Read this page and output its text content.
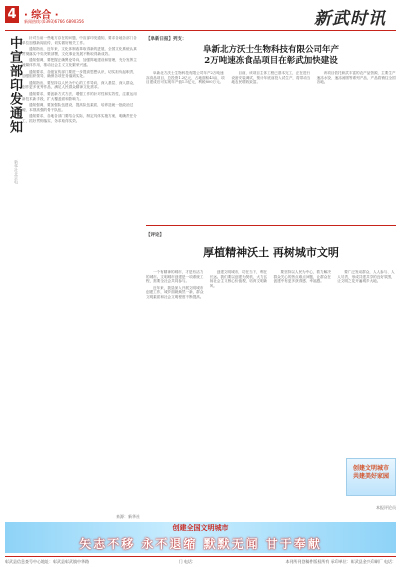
4 · 综合 ·
新闻热线:(0393)6766 6890356	新武时讯
中宣部印发通知
新华社北京电

针对当前一些地方存在的问题，中宣部印发通知，要求各地各部门各单位加强新闻宣传，切实做好相关工作。

通知指出，近年来，文化体制改革取得新的进展，全国文化系统认真贯彻落实中央决策部署，文化事业发展不断取得新成效。

通知强调，要把握正确舆论导向，加强阵地建设和管理，充分发挥主流媒体作用，推动社会主义文化繁荣兴盛。

通知要求，各级宣传部门要进一步提高思想认识，切实担负起职责，加强组织领导，确保各项任务落到实处。

通知指出，要坚持以人民为中心的工作导向，深入基层、深入群众，创作更多优秀作品，满足人民群众精神文化需求。

通知要求，要创新方式方法，增强工作的针对性和实效性，注重运用新技术新手段，扩大覆盖面和影响力。

通知强调，要加强队伍建设，提高队伍素质，培养造就一批政治过硬、本领高强的骨干队伍。

通知要求，各地各部门要结合实际，制定具体实施方案，明确责任分工，抓好贯彻落实，务求取得实效。

来源：新华社
【阜新日报】列支：
阜新北方沃士生物科技有限公司年产
2万吨速冻食品项目在彰武加快建设

阜新北方沃士生物科技有限公司年产2万吨速冻食品项目，总投资1.2亿元，占地面积43亩，项目建成后可实现年产值1.5亿元，利税800万元。

目前，该项目主体工程已基本完工，正在进行设备安装调试，预计年底前投入试生产，将带动当地农民增收致富。

该项目依托彰武丰富的农产品资源，主要生产速冻水饺、速冻汤圆等系列产品，产品将销往全国各地。

【评论】
厚植精神沃土 再树城市文明

一个有精神的城市，才是有活力的城市。文明城市创建是一项系统工程，需要全社会共同参与。

近年来，我县深入开展文明城市创建工作，城乡面貌焕然一新，群众文明素质和社会文明程度不断提高。

创建文明城市，功在当下，利在长远。我们要以创建为契机，大力弘扬社会主义核心价值观，培育文明新风。

要坚持以人民为中心，着力解决群众关心的热点难点问题，让群众在创建中有更多获得感、幸福感。

要广泛发动群众，人人参与、人人尽责，形成共建共享的良好氛围，让文明之花开遍城乡大地。

创建文明城市
共建美好家园
本报评论员
创建全国文明城市
矢志不移 永不退缩 默默无闻 甘于奉献
彰武县信息查号中心地址：彰武县彰武镇中华路	门 电话：	本刊所刊登稿件版权所有 承印单位：彰武县金兴印刷厂 电话：
